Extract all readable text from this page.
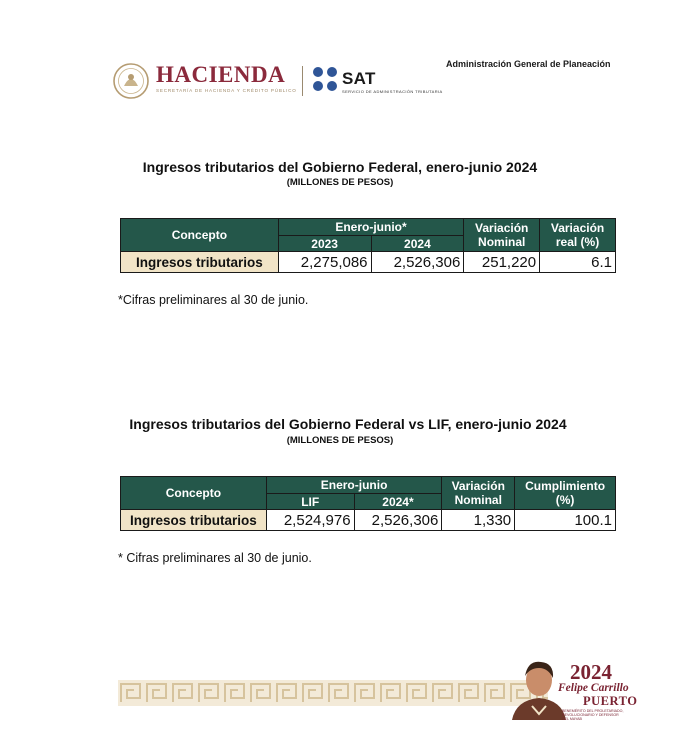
HACIENDA
SECRETARÍA DE HACIENDA Y CRÉDITO PÚBLICO
SAT
SERVICIO DE ADMINISTRACIÓN TRIBUTARIA
Administración General de Planeación
Ingresos tributarios del Gobierno Federal, enero-junio 2024
(MILLONES DE PESOS)
Concepto	Enero-junio*		Variación Nominal	Variación real (%)
	2023	2024		
Ingresos tributarios	2,275,086	2,526,306	251,220	6.1
*Cifras preliminares al 30 de junio.
Ingresos tributarios del Gobierno Federal vs LIF, enero-junio 2024
(MILLONES DE PESOS)
Concepto	Enero-junio		Variación Nominal	Cumplimiento (%)
	LIF	2024*		
Ingresos tributarios	2,524,976	2,526,306	1,330	100.1
* Cifras preliminares al 30 de junio.
2024
Felipe Carrillo
PUERTO
BENEMÉRITO DEL PROLETARIADO, REVOLUCIONARIO Y DEFENSOR DEL MAYAB
